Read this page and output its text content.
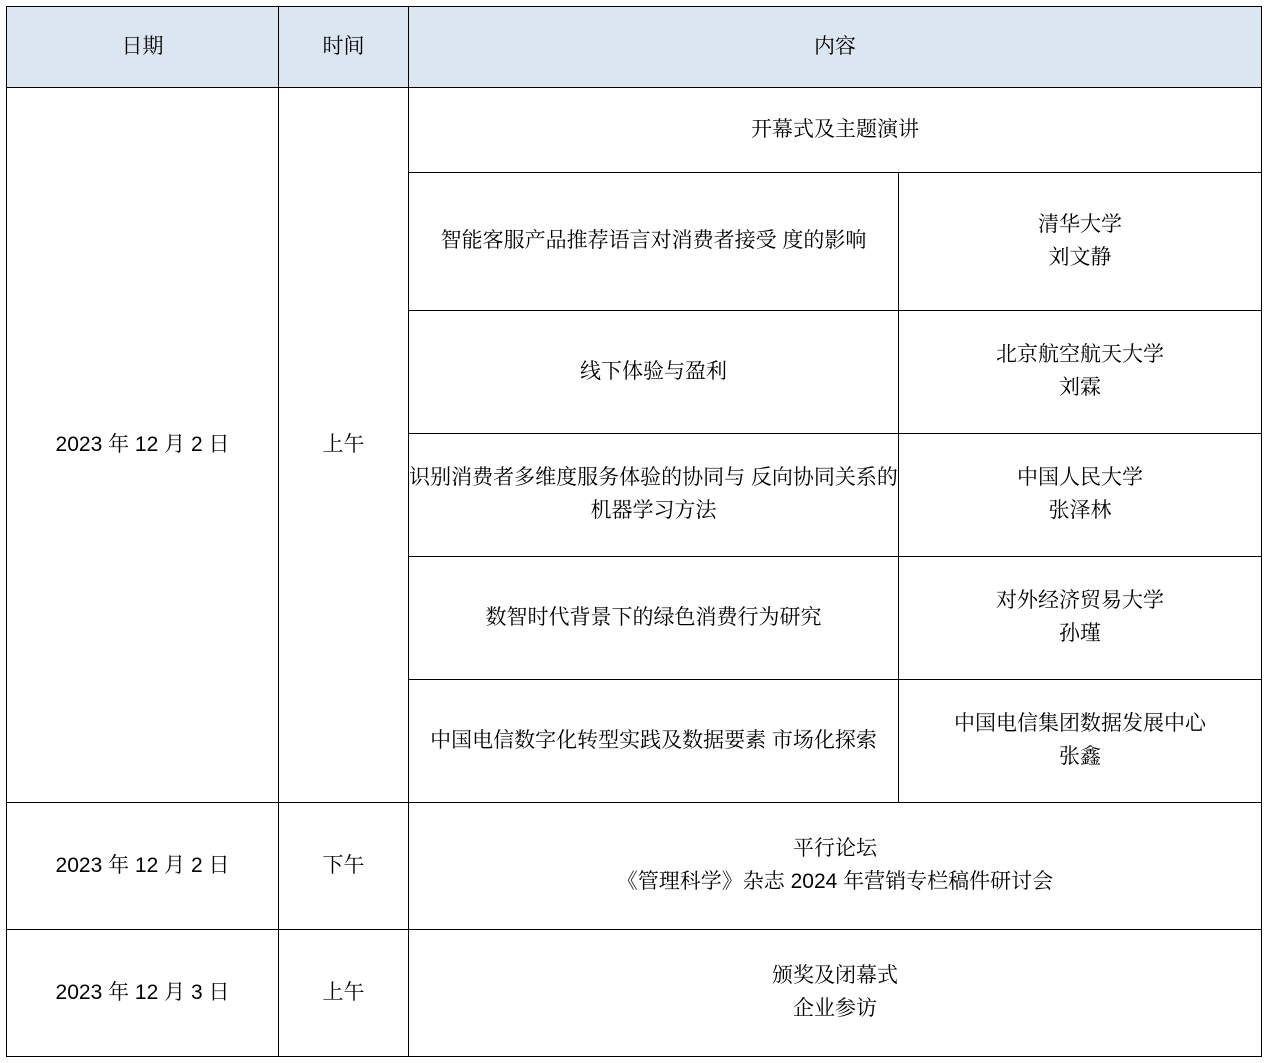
日期	时间	内容	
2023 年 12 月 2 日	上午	开幕式及主题演讲	
		智能客服产品推荐语言对消费者接受 度的影响	清华大学
刘文静

		线下体验与盈利	北京航空航天大学
刘霖

		识别消费者多维度服务体验的协同与 反向协同关系的机器学习方法	中国人民大学
张泽林

		数智时代背景下的绿色消费行为研究	对外经济贸易大学
孙瑾

		中国电信数字化转型实践及数据要素 市场化探索	中国电信集团数据发展中心
张鑫

2023 年 12 月 2 日	下午	平行论坛
《管理科学》杂志 2024 年营销专栏稿件研讨会	

2023 年 12 月 3 日	上午	颁奖及闭幕式
企业参访	
